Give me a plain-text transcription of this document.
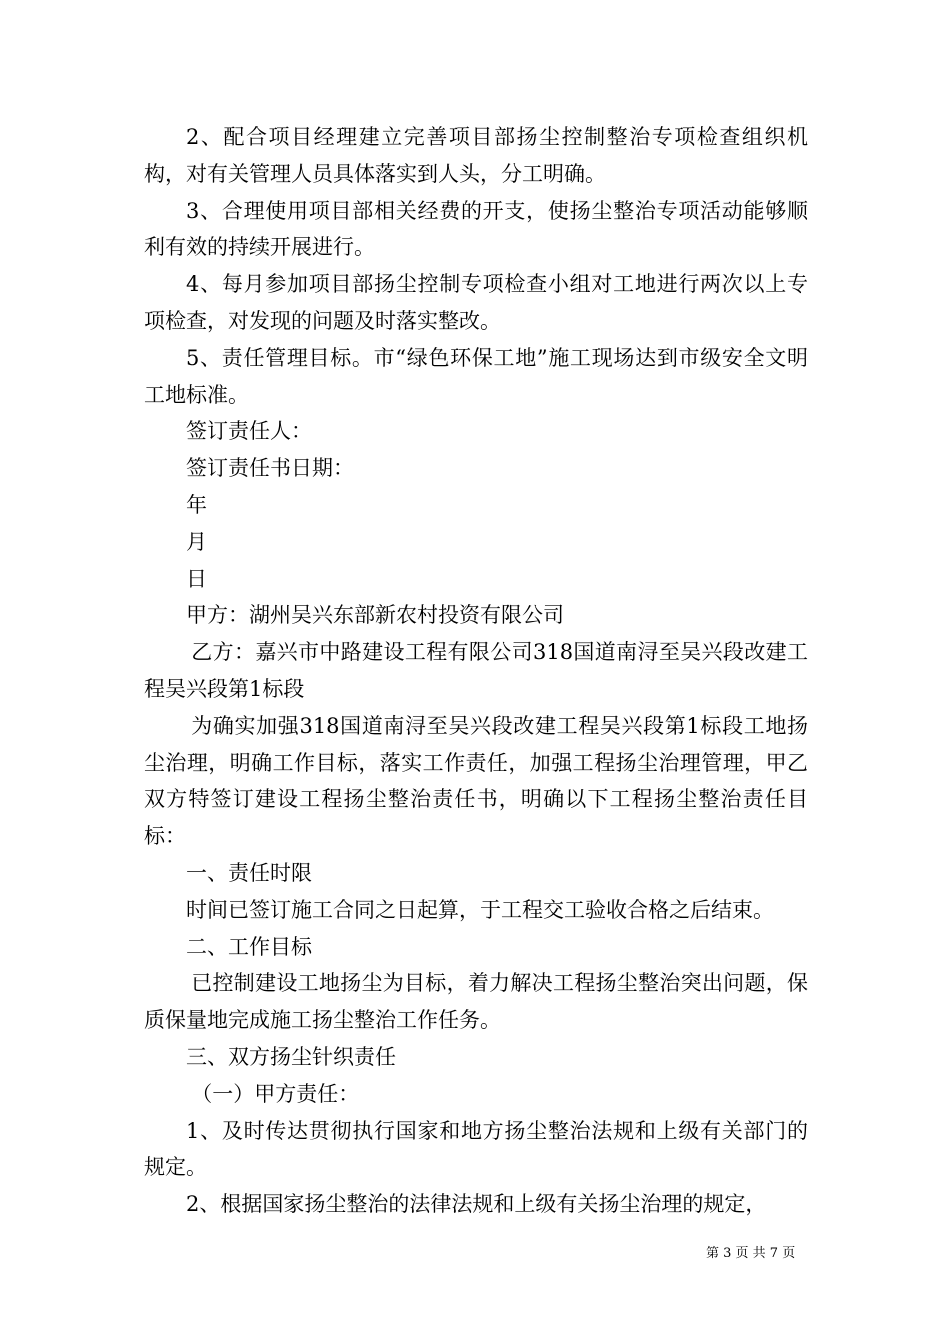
2、配合项目经理建立完善项目部扬尘控制整治专项检查组织机构，对有关管理人员具体落实到人头，分工明确。

3、合理使用项目部相关经费的开支，使扬尘整治专项活动能够顺利有效的持续开展进行。

4、每月参加项目部扬尘控制专项检查小组对工地进行两次以上专项检查，对发现的问题及时落实整改。

5、责任管理目标。市“绿色环保工地”施工现场达到市级安全文明工地标准。

签订责任人：

签订责任书日期：

年

月

日

甲方：湖州吴兴东部新农村投资有限公司

乙方：嘉兴市中路建设工程有限公司318国道南浔至吴兴段改建工程吴兴段第1标段

为确实加强318国道南浔至吴兴段改建工程吴兴段第1标段工地扬尘治理，明确工作目标，落实工作责任，加强工程扬尘治理管理，甲乙双方特签订建设工程扬尘整治责任书，明确以下工程扬尘整治责任目标：

一、责任时限

时间已签订施工合同之日起算，于工程交工验收合格之后结束。

二、工作目标

已控制建设工地扬尘为目标，着力解决工程扬尘整治突出问题，保质保量地完成施工扬尘整治工作任务。

三、双方扬尘针织责任

（一）甲方责任：

1、及时传达贯彻执行国家和地方扬尘整治法规和上级有关部门的规定。

2、根据国家扬尘整治的法律法规和上级有关扬尘治理的规定，

第 3 页 共 7 页
